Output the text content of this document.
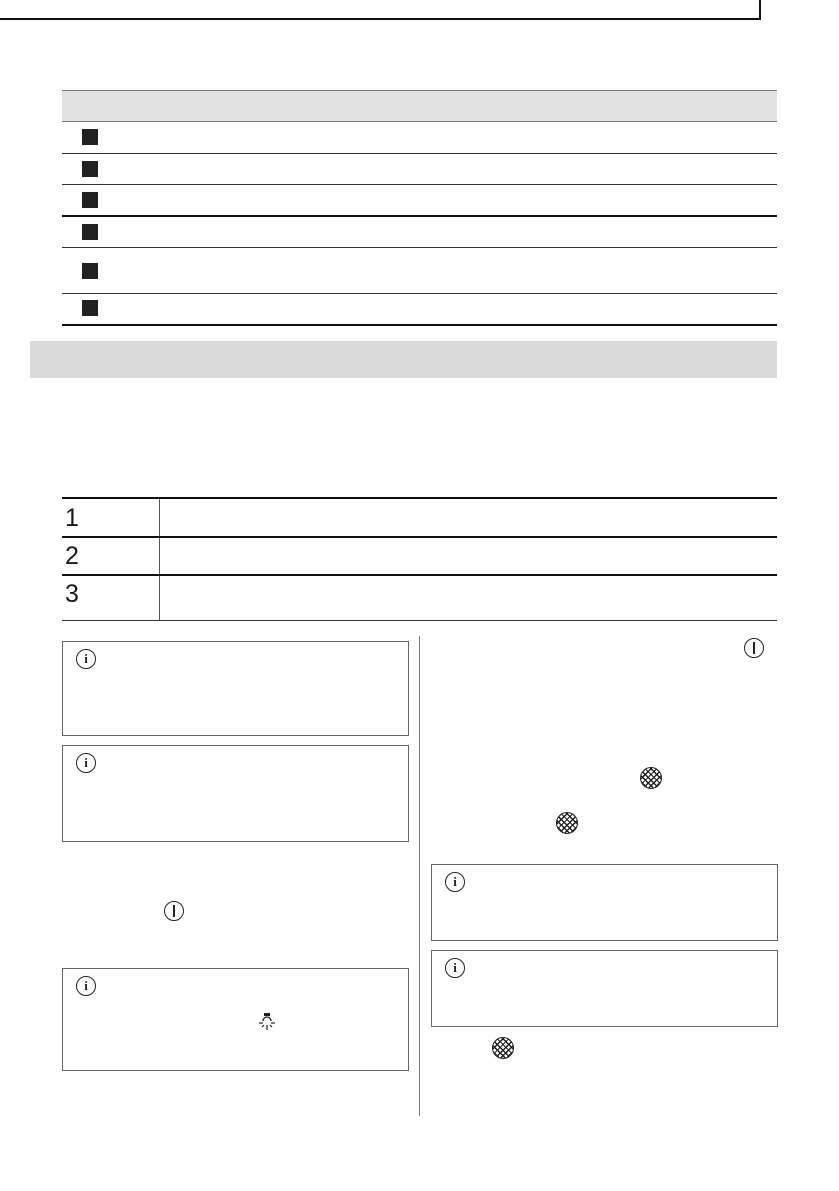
1
2
3
i
i
i
i
i
